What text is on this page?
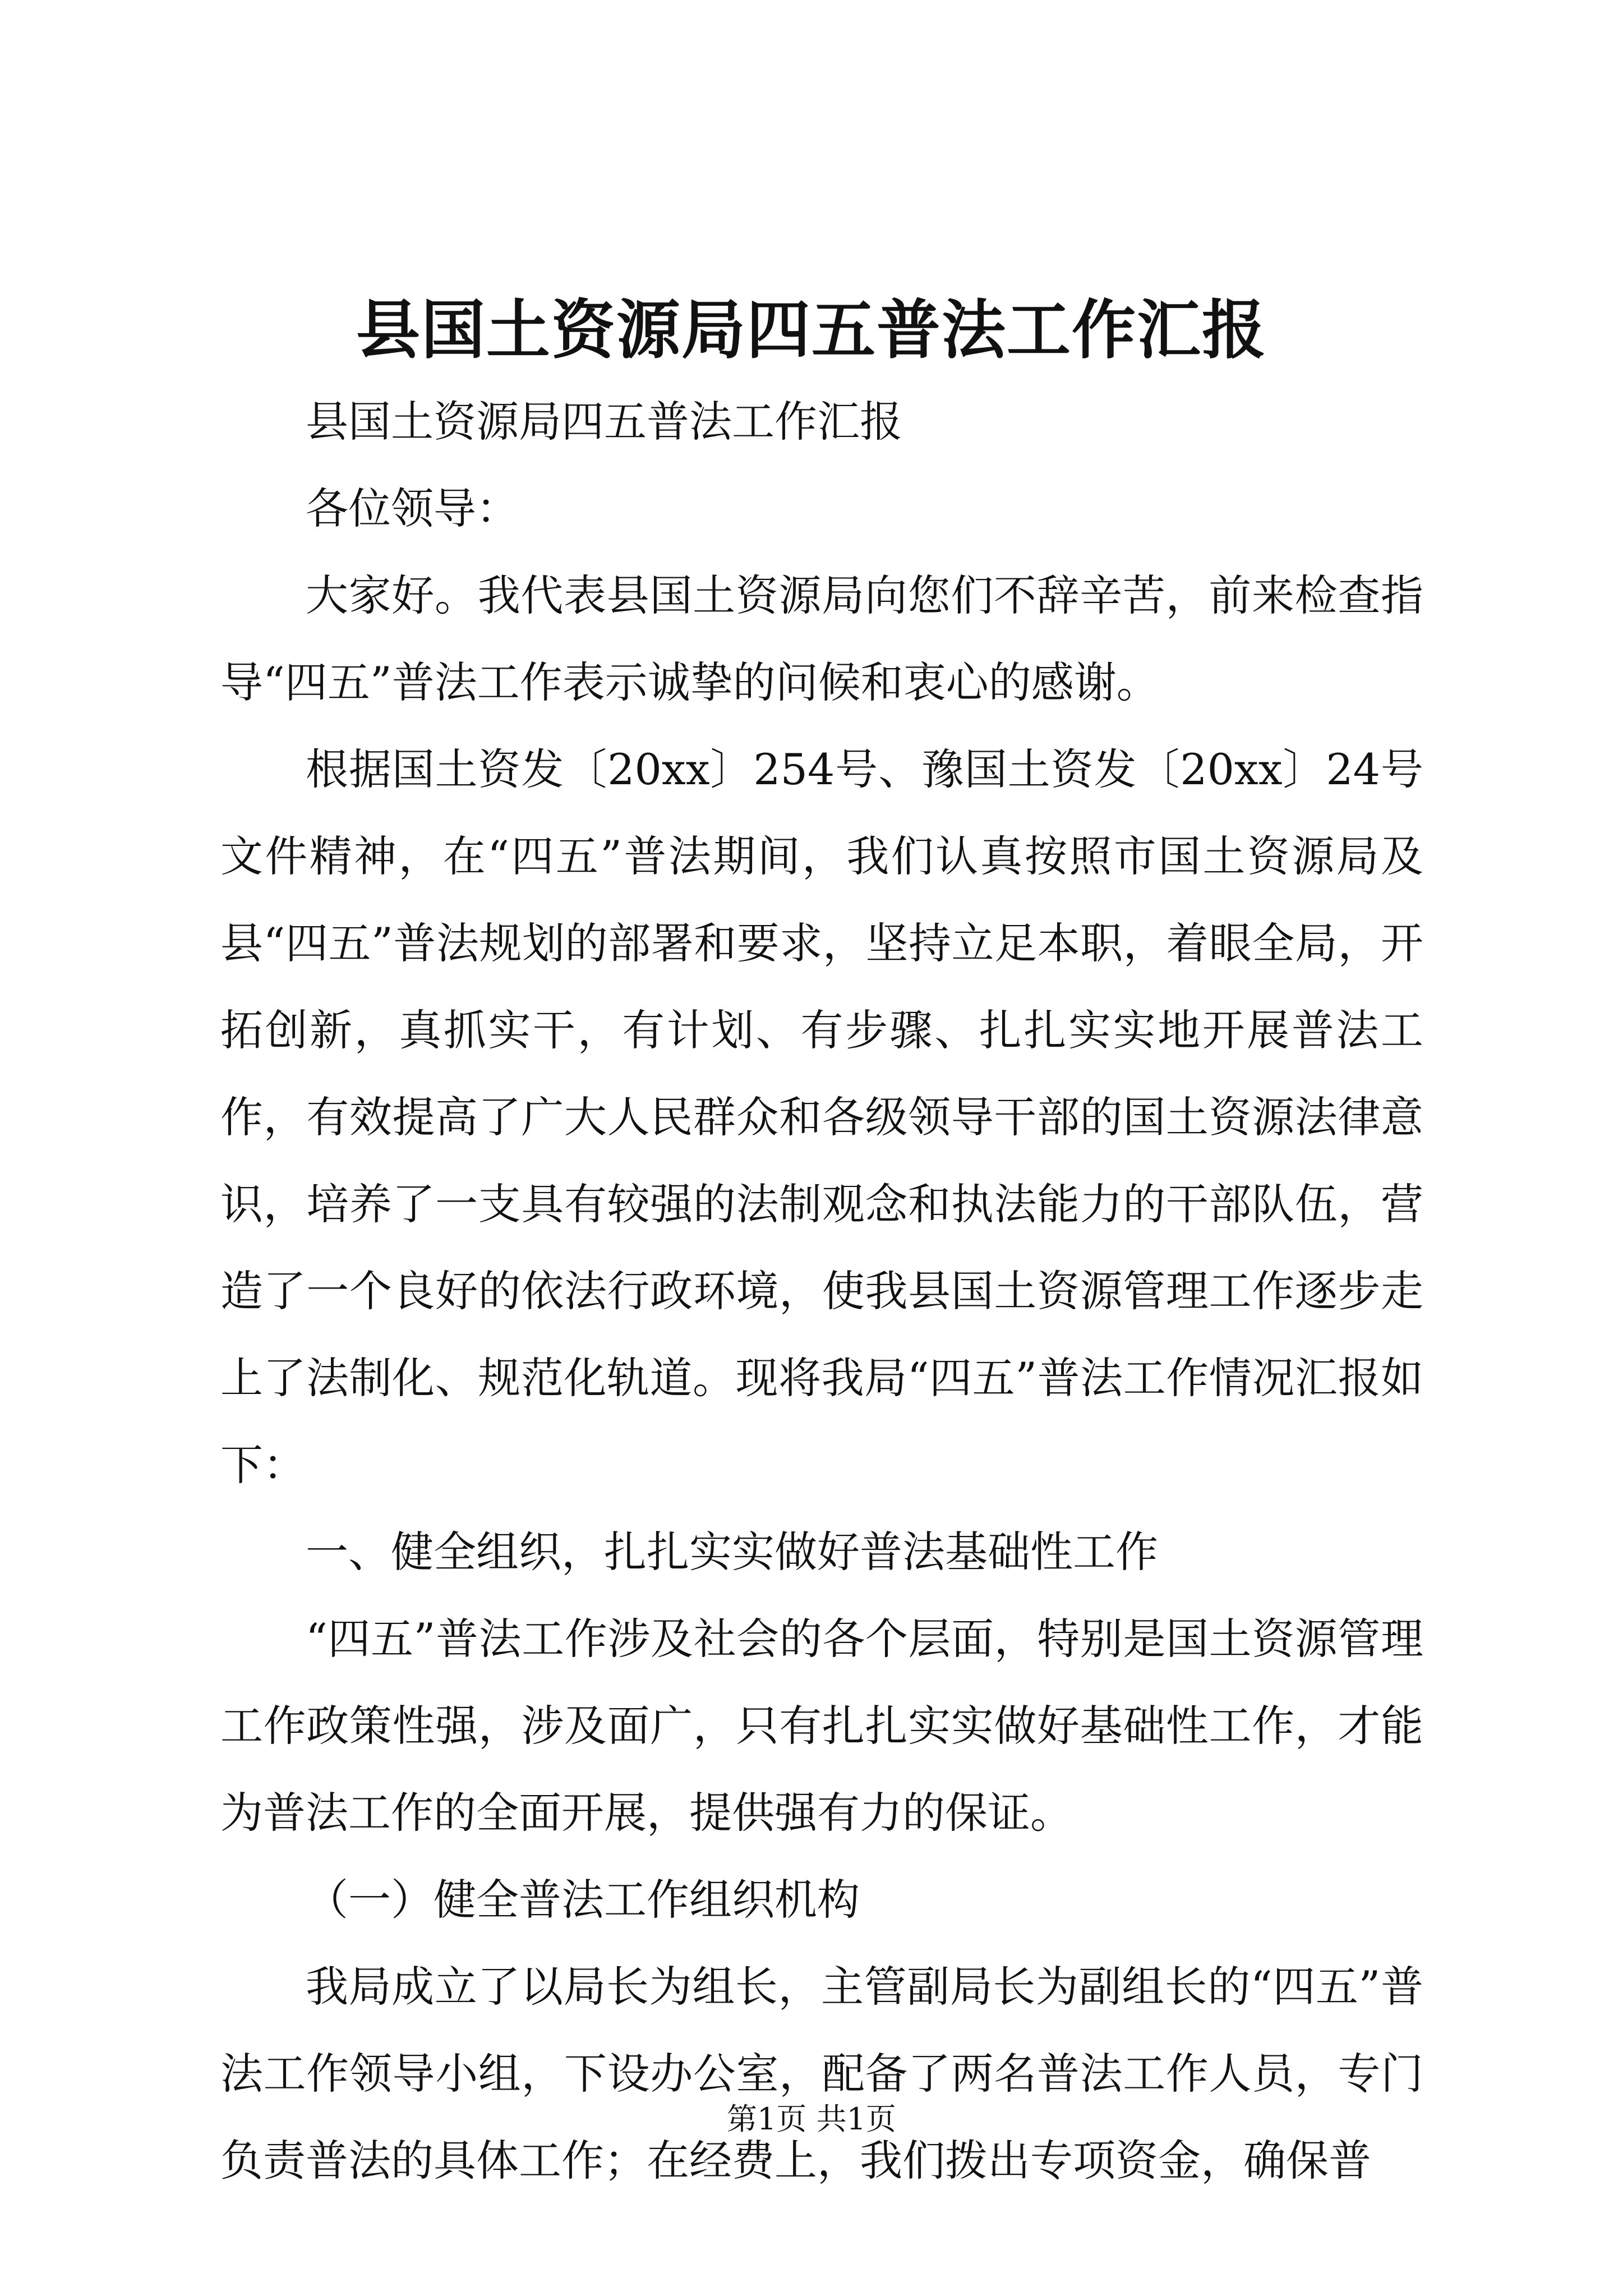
县国土资源局四五普法工作汇报

县国土资源局四五普法工作汇报

各位领导：

大家好。我代表县国土资源局向您们不辞辛苦，前来检查指导“四五”普法工作表示诚挚的问候和衷心的感谢。

根据国土资发〔20xx〕254号、豫国土资发〔20xx〕24号文件精神，在“四五”普法期间，我们认真按照市国土资源局及县“四五”普法规划的部署和要求，坚持立足本职，着眼全局，开拓创新，真抓实干，有计划、有步骤、扎扎实实地开展普法工作，有效提高了广大人民群众和各级领导干部的国土资源法律意识，培养了一支具有较强的法制观念和执法能力的干部队伍，营造了一个良好的依法行政环境，使我县国土资源管理工作逐步走上了法制化、规范化轨道。现将我局“四五”普法工作情况汇报如下：

一、健全组织，扎扎实实做好普法基础性工作

“四五”普法工作涉及社会的各个层面，特别是国土资源管理工作政策性强，涉及面广，只有扎扎实实做好基础性工作，才能为普法工作的全面开展，提供强有力的保证。

（一）健全普法工作组织机构

我局成立了以局长为组长，主管副局长为副组长的“四五”普法工作领导小组，下设办公室，配备了两名普法工作人员，专门负责普法的具体工作；在经费上，我们拨出专项资金，确保普

第1页 共1页
